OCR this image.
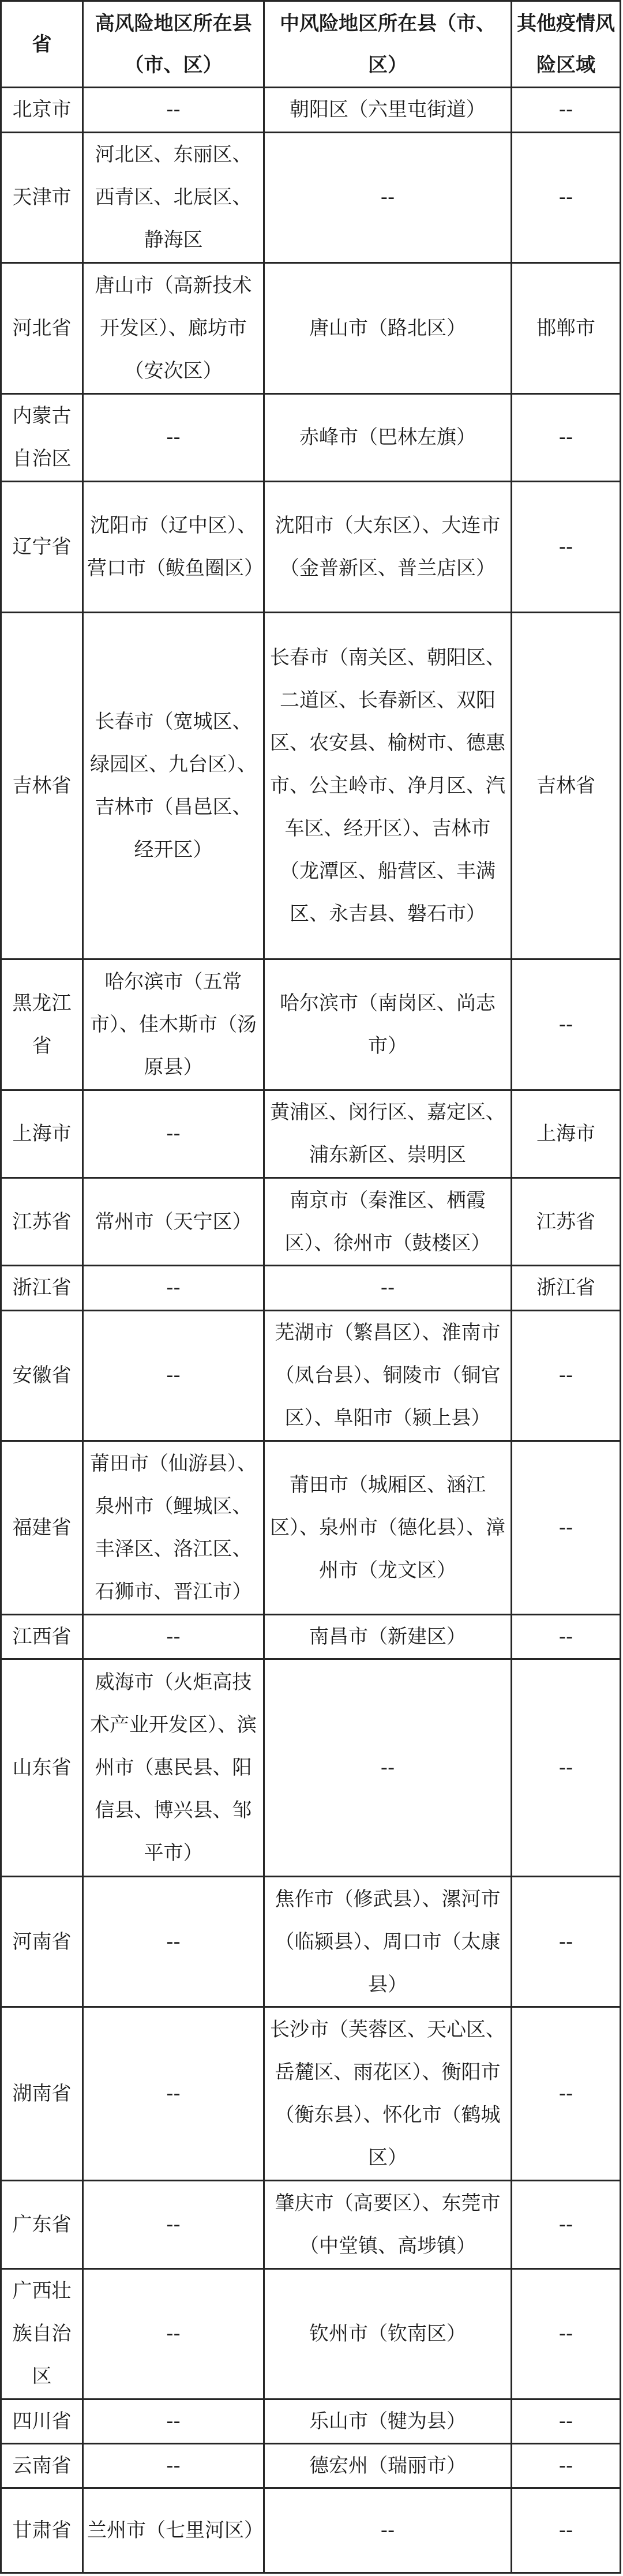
省	高风险地区所在县（市、区）	中风险地区所在县（市、区）	其他疫情风险区域
北京市	--	朝阳区（六里屯街道）	--
天津市	河北区、东丽区、西青区、北辰区、静海区	--	--
河北省	唐山市（高新技术开发区）、廊坊市（安次区）	唐山市（路北区）	邯郸市
内蒙古自治区	--	赤峰市（巴林左旗）	--
辽宁省	沈阳市（辽中区）、营口市（鲅鱼圈区）	沈阳市（大东区）、大连市（金普新区、普兰店区）	--
吉林省	长春市（宽城区、绿园区、九台区）、吉林市（昌邑区、经开区）	长春市（南关区、朝阳区、二道区、长春新区、双阳区、农安县、榆树市、德惠市、公主岭市、净月区、汽车区、经开区）、吉林市（龙潭区、船营区、丰满区、永吉县、磐石市）	吉林省
黑龙江省	哈尔滨市（五常市）、佳木斯市（汤原县）	哈尔滨市（南岗区、尚志市）	--
上海市	--	黄浦区、闵行区、嘉定区、浦东新区、崇明区	上海市
江苏省	常州市（天宁区）	南京市（秦淮区、栖霞区）、徐州市（鼓楼区）	江苏省
浙江省	--	--	浙江省
安徽省	--	芜湖市（繁昌区）、淮南市（凤台县）、铜陵市（铜官区）、阜阳市（颍上县）	--
福建省	莆田市（仙游县）、泉州市（鲤城区、丰泽区、洛江区、石狮市、晋江市）	莆田市（城厢区、涵江区）、泉州市（德化县）、漳州市（龙文区）	--
江西省	--	南昌市（新建区）	--
山东省	威海市（火炬高技术产业开发区）、滨州市（惠民县、阳信县、博兴县、邹平市）	--	--
河南省	--	焦作市（修武县）、漯河市（临颍县）、周口市（太康县）	--
湖南省	--	长沙市（芙蓉区、天心区、岳麓区、雨花区）、衡阳市（衡东县）、怀化市（鹤城区）	--
广东省	--	肇庆市（高要区）、东莞市（中堂镇、高埗镇）	--
广西壮族自治区	--	钦州市（钦南区）	--
四川省	--	乐山市（犍为县）	--
云南省	--	德宏州（瑞丽市）	--
甘肃省	兰州市（七里河区）	--	--
